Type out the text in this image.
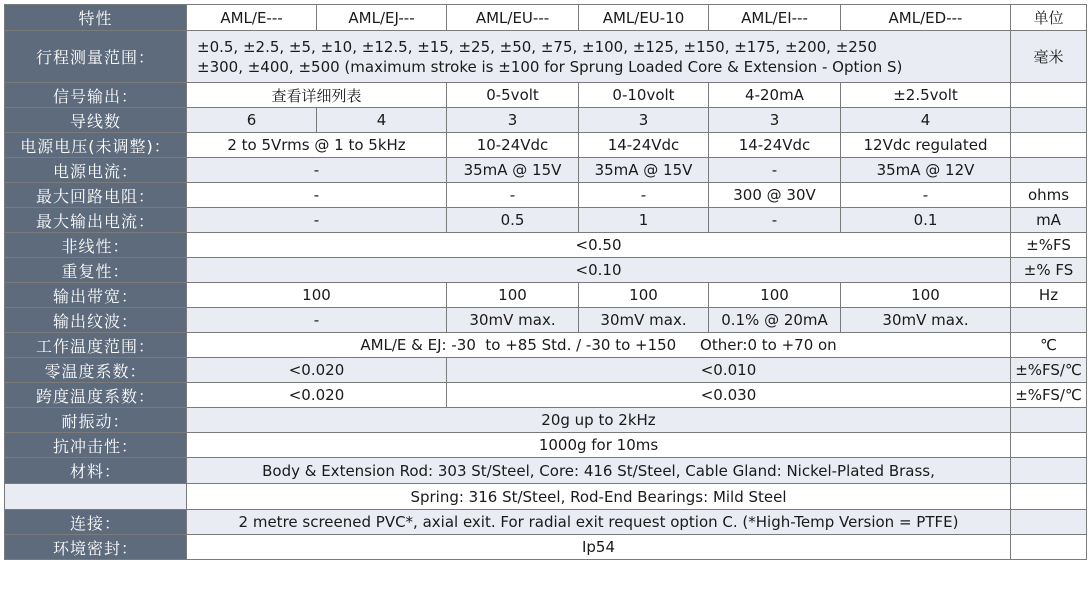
特性	AML/E---	AML/EJ---	AML/EU---	AML/EU-10	AML/EI---	AML/ED---	单位
行程测量范围：	±0.5, ±2.5, ±5, ±10, ±12.5, ±15, ±25, ±50, ±75, ±100, ±125, ±150, ±175, ±200, ±250
±300, ±400, ±500 (maximum stroke is ±100 for Sprung Loaded Core & Extension - Option S)						毫米
信号输出：	查看详细列表		0-5volt	0-10volt	4-20mA	±2.5volt	
导线数	6	4	3	3	3	4	
电源电压(未调整)：	2 to 5Vrms @ 1 to 5kHz		10-24Vdc	14-24Vdc	14-24Vdc	12Vdc regulated	
电源电流：	-		35mA @ 15V	35mA @ 15V	-	35mA @ 12V	
最大回路电阻：	-		-	-	300 @ 30V	-	ohms
最大输出电流：	-		0.5	1	-	0.1	mA
非线性：	<0.50						±%FS
重复性：	<0.10						±% FS
输出带宽：	100		100	100	100	100	Hz
输出纹波：	-		30mV max.	30mV max.	0.1% @ 20mA	30mV max.	
工作温度范围：	AML/E & EJ: -30  to +85 Std. / -30 to +150     Other:0 to +70 on						℃
零温度系数：	<0.020		<0.010				±%FS/℃
跨度温度系数：	<0.020		<0.030				±%FS/℃
耐振动：	20g up to 2kHz						
抗冲击性：	1000g for 10ms						
材料：	Body & Extension Rod: 303 St/Steel, Core: 416 St/Steel, Cable Gland: Nickel-Plated Brass,						
	Spring: 316 St/Steel, Rod-End Bearings: Mild Steel						
连接：	2 metre screened PVC*, axial exit. For radial exit request option C. (*High-Temp Version = PTFE)						
环境密封：	Ip54						
